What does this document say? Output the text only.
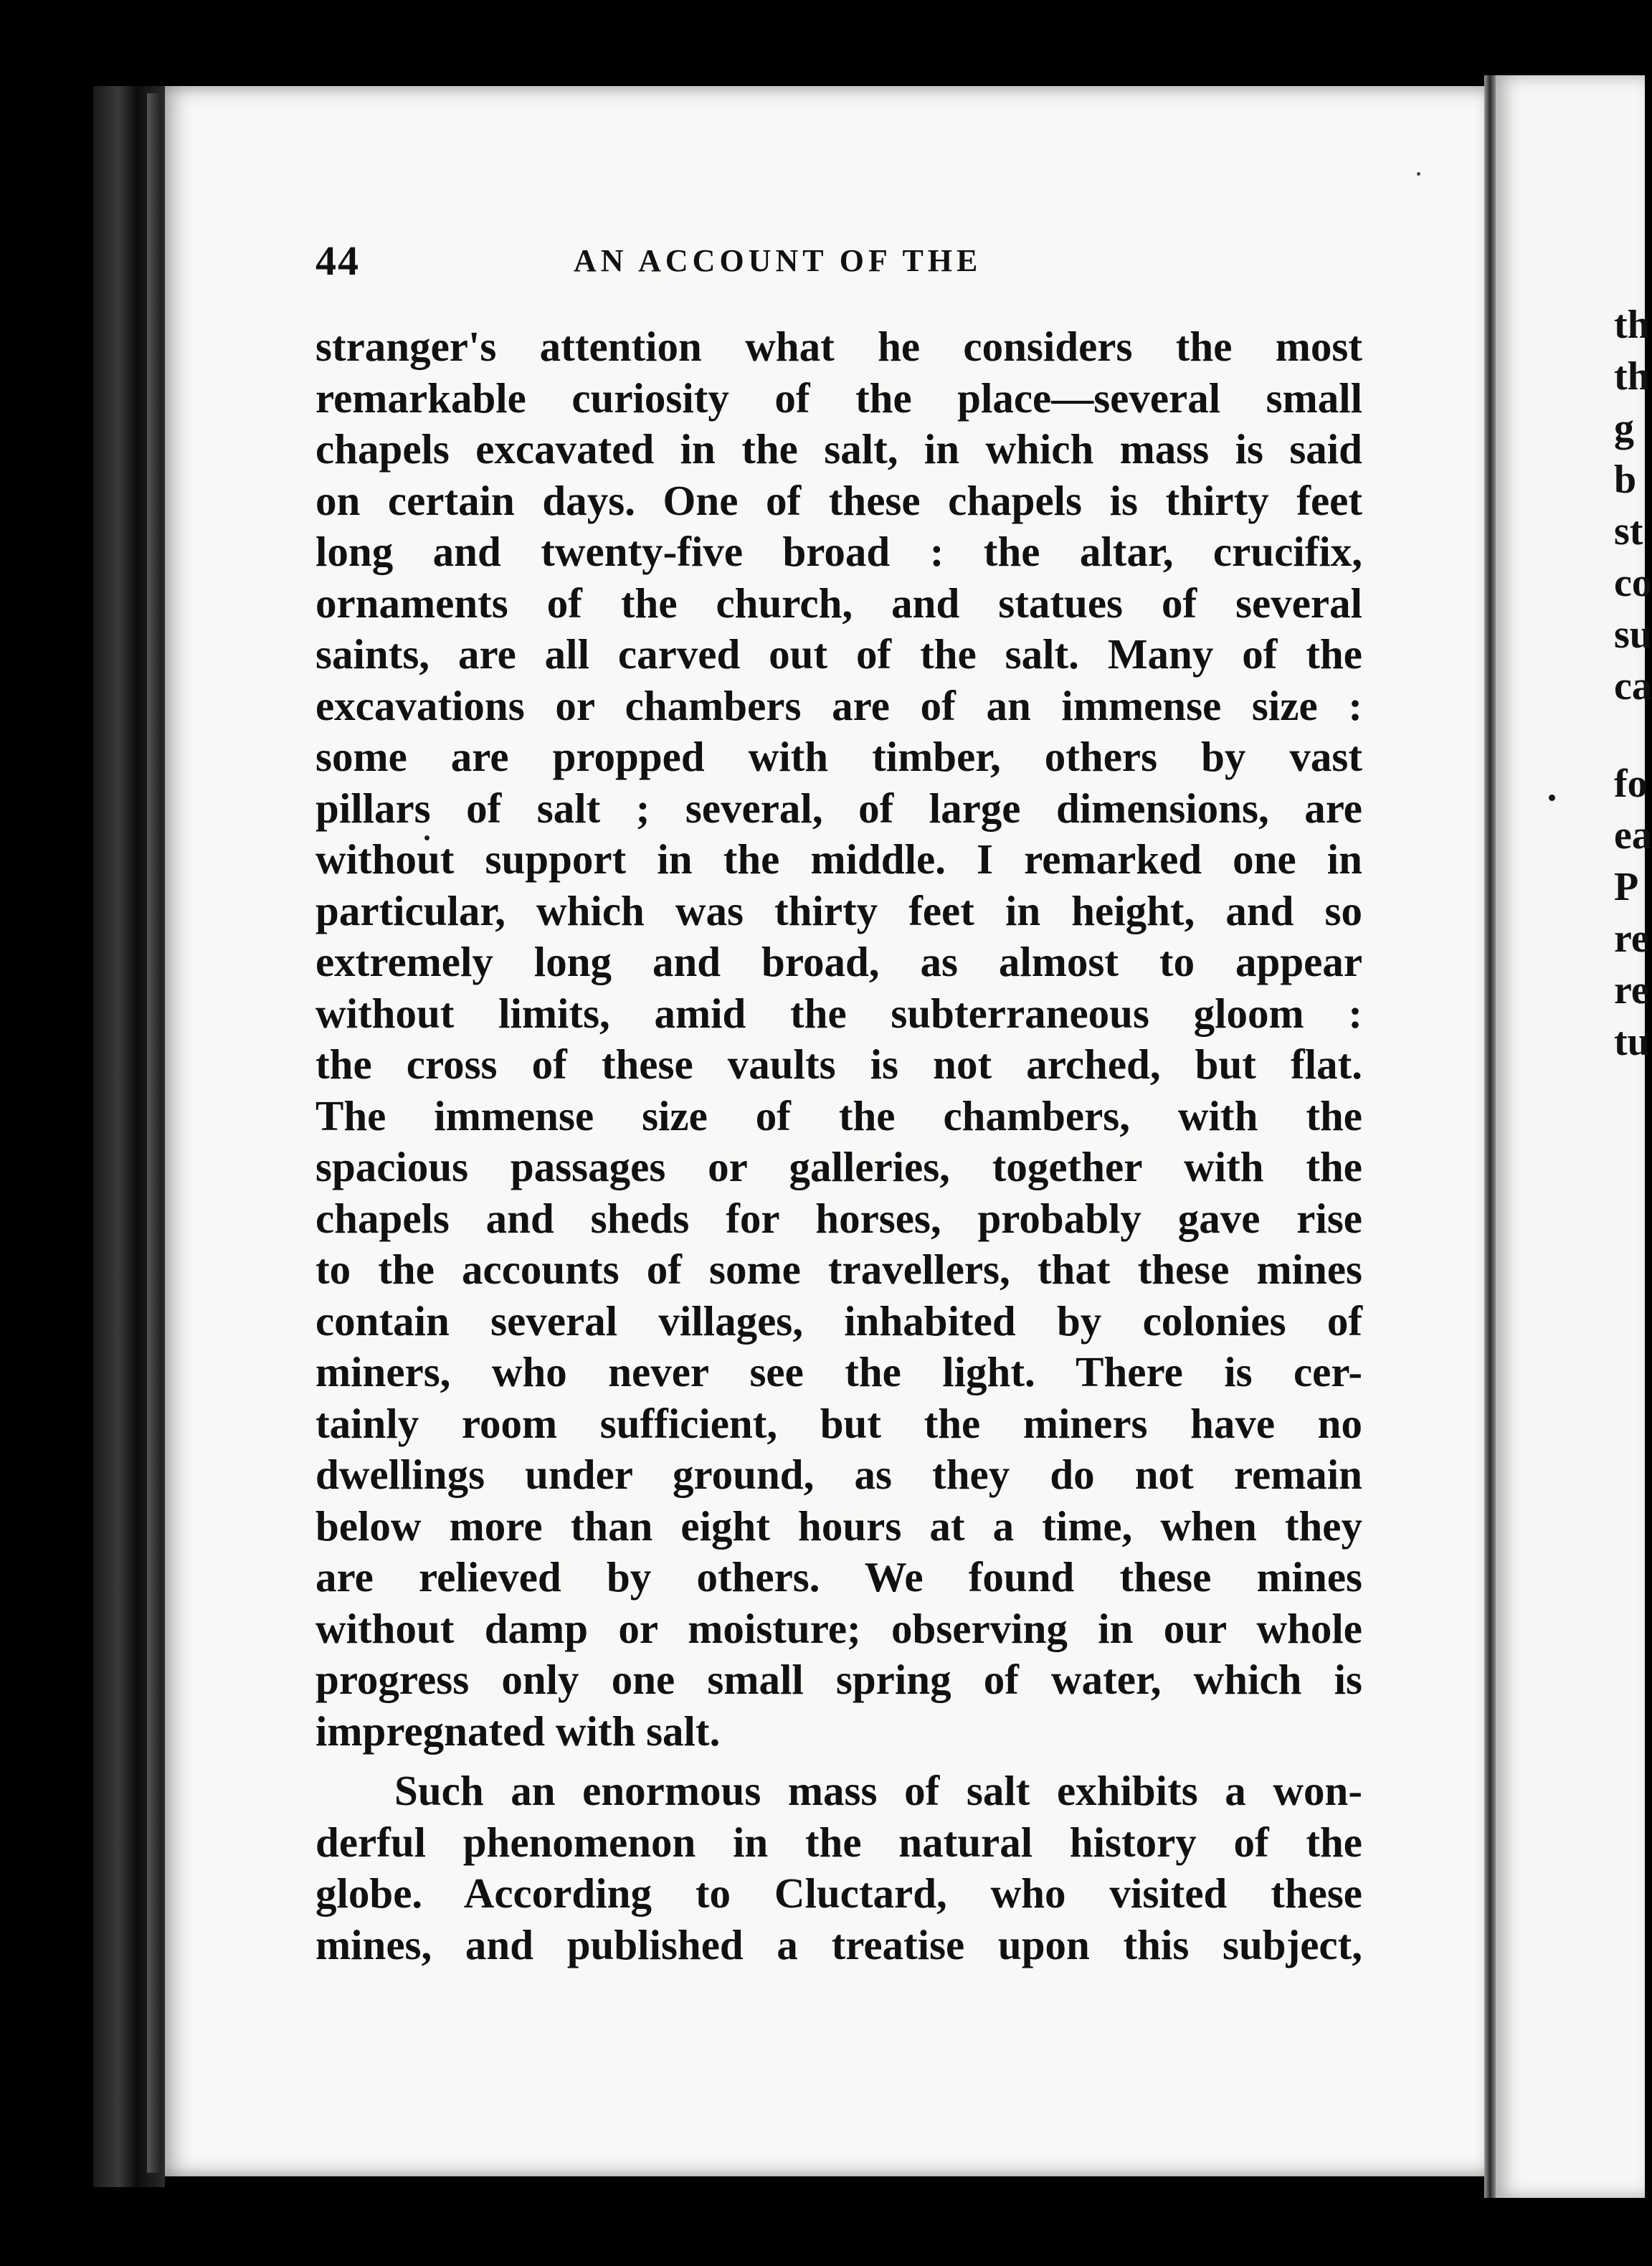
44	AN ACCOUNT OF THE
stranger's attention what he considers the most
remarkable curiosity of the place—several small
chapels excavated in the salt, in which mass is said
on certain days. One of these chapels is thirty feet
long and twenty-five broad : the altar, crucifix,
ornaments of the church, and statues of several
saints, are all carved out of the salt. Many of the
excavations or chambers are of an immense size :
some are propped with timber, others by vast
pillars of salt ; several, of large dimensions, are
without support in the middle. I remarked one in
particular, which was thirty feet in height, and so
extremely long and broad, as almost to appear
without limits, amid the subterraneous gloom :
the cross of these vaults is not arched, but flat.
The immense size of the chambers, with the
spacious passages or galleries, together with the
chapels and sheds for horses, probably gave rise
to the accounts of some travellers, that these mines
contain several villages, inhabited by colonies of
miners, who never see the light. There is cer-
tainly room sufficient, but the miners have no
dwellings under ground, as they do not remain
below more than eight hours at a time, when they
are relieved by others. We found these mines
without damp or moisture; observing in our whole
progress only one small spring of water, which is
impregnated with salt.
Such an enormous mass of salt exhibits a won-
derful phenomenon in the natural history of the
globe. According to Cluctard, who visited these
mines, and published a treatise upon this subject,
th
th
g
b
st
co
su
ca
fo
ea
P
re
re
tu
